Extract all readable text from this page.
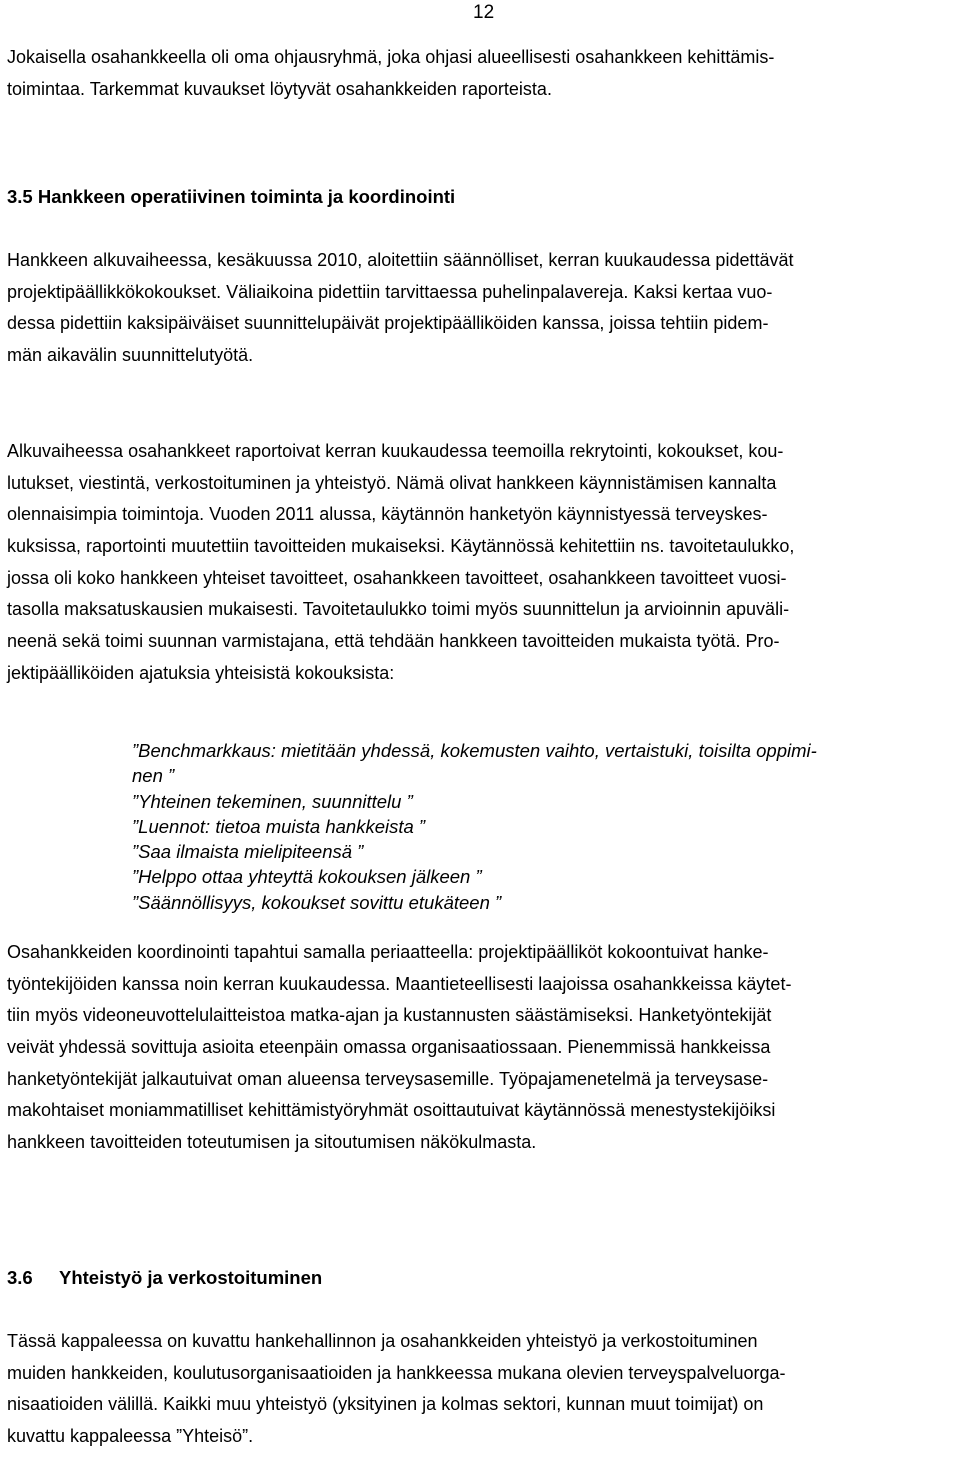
12
Jokaisella osahankkeella oli oma ohjausryhmä, joka ohjasi alueellisesti osahankkeen kehittämis-
toimintaa. Tarkemmat kuvaukset löytyvät osahankkeiden raporteista.
3.5 Hankkeen operatiivinen toiminta ja koordinointi
Hankkeen alkuvaiheessa, kesäkuussa 2010, aloitettiin säännölliset, kerran kuukaudessa pidettävät
projektipäällikkökokoukset. Väliaikoina pidettiin tarvittaessa puhelinpalavereja. Kaksi kertaa vuo-
dessa pidettiin kaksipäiväiset suunnittelupäivät projektipäälliköiden kanssa, joissa tehtiin pidem-
män aikavälin suunnittelutyötä.
Alkuvaiheessa osahankkeet raportoivat kerran kuukaudessa teemoilla rekrytointi, kokoukset, kou-
lutukset, viestintä, verkostoituminen ja yhteistyö. Nämä olivat hankkeen käynnistämisen kannalta
olennaisimpia toimintoja. Vuoden 2011 alussa, käytännön hanketyön käynnistyessä terveyskes-
kuksissa, raportointi muutettiin tavoitteiden mukaiseksi. Käytännössä kehitettiin ns. tavoitetaulukko,
jossa oli koko hankkeen yhteiset tavoitteet, osahankkeen tavoitteet, osahankkeen tavoitteet vuosi-
tasolla maksatuskausien mukaisesti. Tavoitetaulukko toimi myös suunnittelun ja arvioinnin apuväli-
neenä sekä toimi suunnan varmistajana, että tehdään hankkeen tavoitteiden mukaista työtä. Pro-
jektipäälliköiden ajatuksia yhteisistä kokouksista:
”Benchmarkkaus: mietitään yhdessä, kokemusten vaihto, vertaistuki, toisilta oppimi-
nen ”
”Yhteinen tekeminen, suunnittelu ”
”Luennot: tietoa muista hankkeista ”
”Saa ilmaista mielipiteensä ”
”Helppo ottaa yhteyttä kokouksen jälkeen ”
”Säännöllisyys, kokoukset sovittu etukäteen ”
Osahankkeiden koordinointi tapahtui samalla periaatteella: projektipäälliköt kokoontuivat hanke-
työntekijöiden kanssa noin kerran kuukaudessa. Maantieteellisesti laajoissa osahankkeissa käytet-
tiin myös videoneuvottelulaitteistoa matka-ajan ja kustannusten säästämiseksi. Hanketyöntekijät
veivät yhdessä sovittuja asioita eteenpäin omassa organisaatiossaan. Pienemmissä hankkeissa
hanketyöntekijät jalkautuivat oman alueensa terveysasemille. Työpajamenetelmä ja terveysase-
makohtaiset moniammatilliset kehittämistyöryhmät osoittautuivat käytännössä menestystekijöiksi
hankkeen tavoitteiden toteutumisen ja sitoutumisen näkökulmasta.
3.6 Yhteistyö ja verkostoituminen
Tässä kappaleessa on kuvattu hankehallinnon ja osahankkeiden yhteistyö ja verkostoituminen
muiden hankkeiden, koulutusorganisaatioiden ja hankkeessa mukana olevien terveyspalveluorga-
nisaatioiden välillä. Kaikki muu yhteistyö (yksityinen ja kolmas sektori, kunnan muut toimijat) on
kuvattu kappaleessa ”Yhteisö”.
